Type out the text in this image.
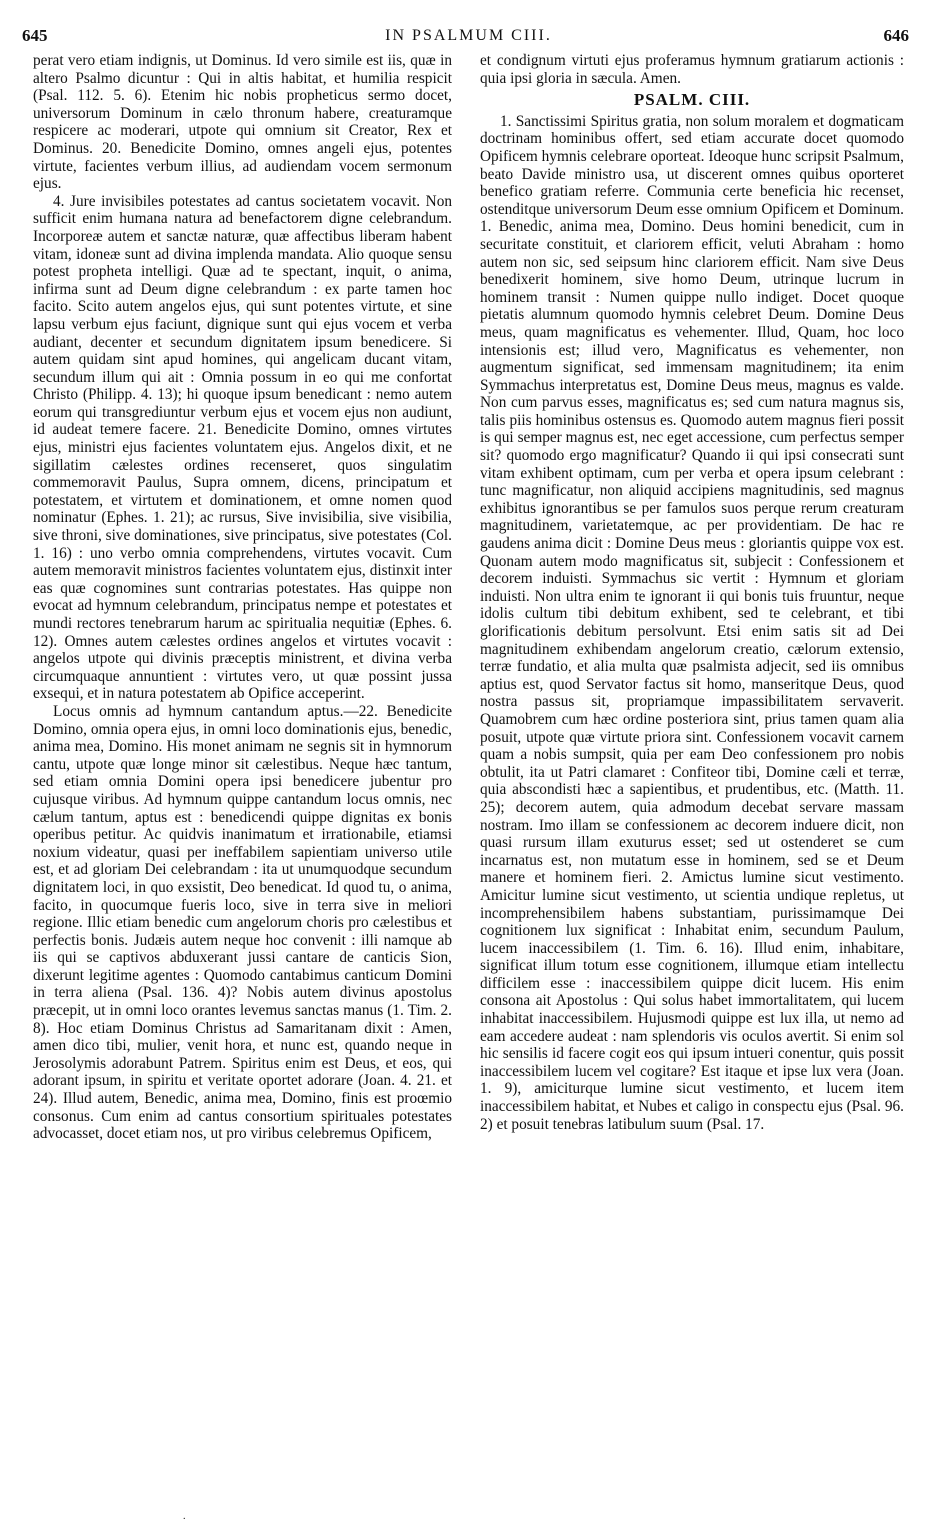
645	IN PSALMUM CIII.	646

perat vero etiam indignis, ut Dominus. Id vero simile est iis, quæ in altero Psalmo dicuntur : Qui in altis habitat, et humilia respicit (Psal. 112. 5. 6). Etenim hic nobis propheticus sermo docet, universorum Dominum in cælo thronum habere, creaturamque respicere ac moderari, utpote qui omnium sit Creator, Rex et Dominus. 20. Benedicite Domino, omnes angeli ejus, potentes virtute, facientes verbum illius, ad audiendam vocem sermonum ejus.

4. Jure invisibiles potestates ad cantus societatem vocavit. Non sufficit enim humana natura ad benefactorem digne celebrandum. Incorporeæ autem et sanctæ naturæ, quæ affectibus liberam habent vitam, idoneæ sunt ad divina implenda mandata. Alio quoque sensu potest propheta intelligi. Quæ ad te spectant, inquit, o anima, infirma sunt ad Deum digne celebrandum : ex parte tamen hoc facito. Scito autem angelos ejus, qui sunt potentes virtute, et sine lapsu verbum ejus faciunt, dignique sunt qui ejus vocem et verba audiant, decenter et secundum dignitatem ipsum benedicere. Si autem quidam sint apud homines, qui angelicam ducant vitam, secundum illum qui ait : Omnia possum in eo qui me confortat Christo (Philipp. 4. 13); hi quoque ipsum benedicant : nemo autem eorum qui transgrediuntur verbum ejus et vocem ejus non audiunt, id audeat temere facere. 21. Benedicite Domino, omnes virtutes ejus, ministri ejus facientes voluntatem ejus. Angelos dixit, et ne sigillatim cælestes ordines recenseret, quos singulatim commemoravit Paulus, Supra omnem, dicens, principatum et potestatem, et virtutem et dominationem, et omne nomen quod nominatur (Ephes. 1. 21); ac rursus, Sive invisibilia, sive visibilia, sive throni, sive dominationes, sive principatus, sive potestates (Col. 1. 16) : uno verbo omnia comprehendens, virtutes vocavit. Cum autem memoravit ministros facientes voluntatem ejus, distinxit inter eas quæ cognomines sunt contrarias potestates. Has quippe non evocat ad hymnum celebrandum, principatus nempe et potestates et mundi rectores tenebrarum harum ac spiritualia nequitiæ (Ephes. 6. 12). Omnes autem cælestes ordines angelos et virtutes vocavit : angelos utpote qui divinis præceptis ministrent, et divina verba circumquaque annuntient : virtutes vero, ut quæ possint jussa exsequi, et in natura potestatem ab Opifice acceperint.

Locus omnis ad hymnum cantandum aptus.—22. Benedicite Domino, omnia opera ejus, in omni loco dominationis ejus, benedic, anima mea, Domino. His monet animam ne segnis sit in hymnorum cantu, utpote quæ longe minor sit cælestibus. Neque hæc tantum, sed etiam omnia Domini opera ipsi benedicere jubentur pro cujusque viribus. Ad hymnum quippe cantandum locus omnis, nec cælum tantum, aptus est : benedicendi quippe dignitas ex bonis operibus petitur. Ac quidvis inanimatum et irrationabile, etiamsi noxium videatur, quasi per ineffabilem sapientiam universo utile est, et ad gloriam Dei celebrandam : ita ut unumquodque secundum dignitatem loci, in quo exsistit, Deo benedicat. Id quod tu, o anima, facito, in quocumque fueris loco, sive in terra sive in meliori regione. Illic etiam benedic cum angelorum choris pro cælestibus et perfectis bonis. Judæis autem neque hoc convenit : illi namque ab iis qui se captivos abduxerant jussi cantare de canticis Sion, dixerunt legitime agentes : Quomodo cantabimus canticum Domini in terra aliena (Psal. 136. 4)? Nobis autem divinus apostolus præcepit, ut in omni loco orantes levemus sanctas manus (1. Tim. 2. 8). Hoc etiam Dominus Christus ad Samaritanam dixit : Amen, amen dico tibi, mulier, venit hora, et nunc est, quando neque in Jerosolymis adorabunt Patrem. Spiritus enim est Deus, et eos, qui adorant ipsum, in spiritu et veritate oportet adorare (Joan. 4. 21. et 24). Illud autem, Benedic, anima mea, Domino, finis est proœmio consonus. Cum enim ad cantus consortium spirituales potestates advocasset, docet etiam nos, ut pro viribus celebremus Opificem,

et condignum virtuti ejus proferamus hymnum gratiarum actionis : quia ipsi gloria in sæcula. Amen.

PSALM. CIII.

1. Sanctissimi Spiritus gratia, non solum moralem et dogmaticam doctrinam hominibus offert, sed etiam accurate docet quomodo Opificem hymnis celebrare oporteat. Ideoque hunc scripsit Psalmum, beato Davide ministro usa, ut discerent omnes quibus oporteret benefico gratiam referre. Communia certe beneficia hic recenset, ostenditque universorum Deum esse omnium Opificem et Dominum. 1. Benedic, anima mea, Domino. Deus homini benedicit, cum in securitate constituit, et clariorem efficit, veluti Abraham : homo autem non sic, sed seipsum hinc clariorem efficit. Nam sive Deus benedixerit hominem, sive homo Deum, utrinque lucrum in hominem transit : Numen quippe nullo indiget. Docet quoque pietatis alumnum quomodo hymnis celebret Deum. Domine Deus meus, quam magnificatus es vehementer. Illud, Quam, hoc loco intensionis est; illud vero, Magnificatus es vehementer, non augmentum significat, sed immensam magnitudinem; ita enim Symmachus interpretatus est, Domine Deus meus, magnus es valde. Non cum parvus esses, magnificatus es; sed cum natura magnus sis, talis piis hominibus ostensus es. Quomodo autem magnus fieri possit is qui semper magnus est, nec eget accessione, cum perfectus semper sit? quomodo ergo magnificatur? Quando ii qui ipsi consecrati sunt vitam exhibent optimam, cum per verba et opera ipsum celebrant : tunc magnificatur, non aliquid accipiens magnitudinis, sed magnus exhibitus ignorantibus se per famulos suos perque rerum creaturam magnitudinem, varietatemque, ac per providentiam. De hac re gaudens anima dicit : Domine Deus meus : gloriantis quippe vox est. Quonam autem modo magnificatus sit, subjecit : Confessionem et decorem induisti. Symmachus sic vertit : Hymnum et gloriam induisti. Non ultra enim te ignorant ii qui bonis tuis fruuntur, neque idolis cultum tibi debitum exhibent, sed te celebrant, et tibi glorificationis debitum persolvunt. Etsi enim satis sit ad Dei magnitudinem exhibendam angelorum creatio, cælorum extensio, terræ fundatio, et alia multa quæ psalmista adjecit, sed iis omnibus aptius est, quod Servator factus sit homo, manseritque Deus, quod nostra passus sit, propriamque impassibilitatem servaverit. Quamobrem cum hæc ordine posteriora sint, prius tamen quam alia posuit, utpote quæ virtute priora sint. Confessionem vocavit carnem quam a nobis sumpsit, quia per eam Deo confessionem pro nobis obtulit, ita ut Patri clamaret : Confiteor tibi, Domine cæli et terræ, quia abscondisti hæc a sapientibus, et prudentibus, etc. (Matth. 11. 25); decorem autem, quia admodum decebat servare massam nostram. Imo illam se confessionem ac decorem induere dicit, non quasi rursum illam exuturus esset; sed ut ostenderet se cum incarnatus est, non mutatum esse in hominem, sed se et Deum manere et hominem fieri. 2. Amictus lumine sicut vestimento. Amicitur lumine sicut vestimento, ut scientia undique repletus, ut incomprehensibilem habens substantiam, purissimamque Dei cognitionem lux significat : Inhabitat enim, secundum Paulum, lucem inaccessibilem (1. Tim. 6. 16). Illud enim, inhabitare, significat illum totum esse cognitionem, illumque etiam intellectu difficilem esse : inaccessibilem quippe dicit lucem. His enim consona ait Apostolus : Qui solus habet immortalitatem, qui lucem inhabitat inaccessibilem. Hujusmodi quippe est lux illa, ut nemo ad eam accedere audeat : nam splendoris vis oculos avertit. Si enim sol hic sensilis id facere cogit eos qui ipsum intueri conentur, quis possit inaccessibilem lucem vel cogitare? Est itaque et ipse lux vera (Joan. 1. 9), amiciturque lumine sicut vestimento, et lucem item inaccessibilem habitat, et Nubes et caligo in conspectu ejus (Psal. 96. 2) et posuit tenebras latibulum suum (Psal. 17.

.
